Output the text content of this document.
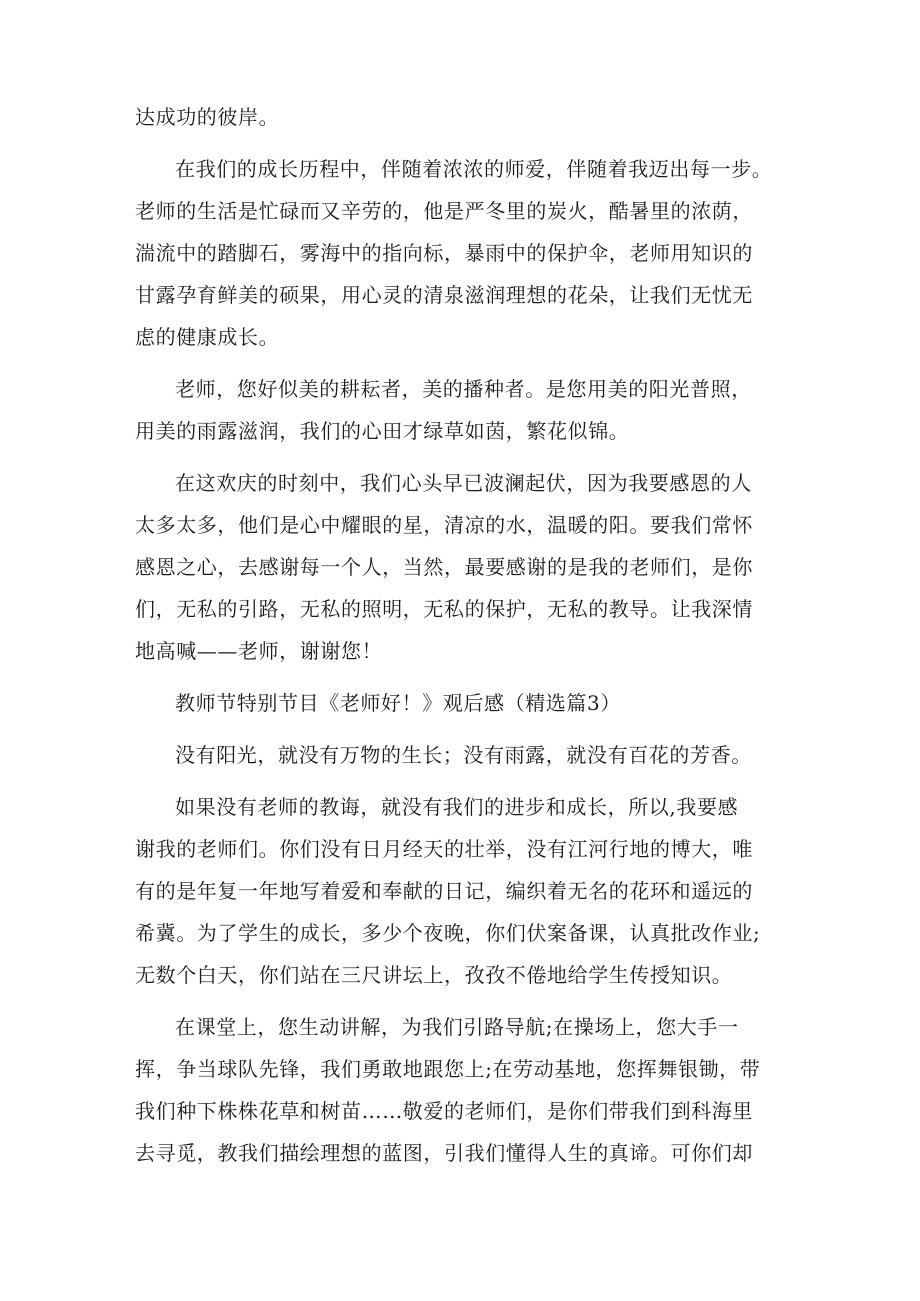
达成功的彼岸。

在我们的成长历程中，伴随着浓浓的师爱，伴随着我迈出每一步。
老师的生活是忙碌而又辛劳的，他是严冬里的炭火，酷暑里的浓荫，
湍流中的踏脚石，雾海中的指向标，暴雨中的保护伞，老师用知识的
甘露孕育鲜美的硕果，用心灵的清泉滋润理想的花朵，让我们无忧无
虑的健康成长。

老师，您好似美的耕耘者，美的播种者。是您用美的阳光普照，
用美的雨露滋润，我们的心田才绿草如茵，繁花似锦。

在这欢庆的时刻中，我们心头早已波澜起伏，因为我要感恩的人
太多太多，他们是心中耀眼的星，清凉的水，温暖的阳。要我们常怀
感恩之心，去感谢每一个人，当然，最要感谢的是我的老师们，是你
们，无私的引路，无私的照明，无私的保护，无私的教导。让我深情
地高喊——老师，谢谢您！

教师节特别节目《老师好！》观后感（精选篇3）

没有阳光，就没有万物的生长；没有雨露，就没有百花的芳香。

如果没有老师的教诲，就没有我们的进步和成长，所以,我要感
谢我的老师们。你们没有日月经天的壮举，没有江河行地的博大，唯
有的是年复一年地写着爱和奉献的日记，编织着无名的花环和遥远的
希冀。为了学生的成长，多少个夜晚，你们伏案备课，认真批改作业;
无数个白天，你们站在三尺讲坛上，孜孜不倦地给学生传授知识。

在课堂上，您生动讲解，为我们引路导航;在操场上，您大手一
挥，争当球队先锋，我们勇敢地跟您上;在劳动基地，您挥舞银锄，带
我们种下株株花草和树苗……敬爱的老师们，是你们带我们到科海里
去寻觅，教我们描绘理想的蓝图，引我们懂得人生的真谛。可你们却
